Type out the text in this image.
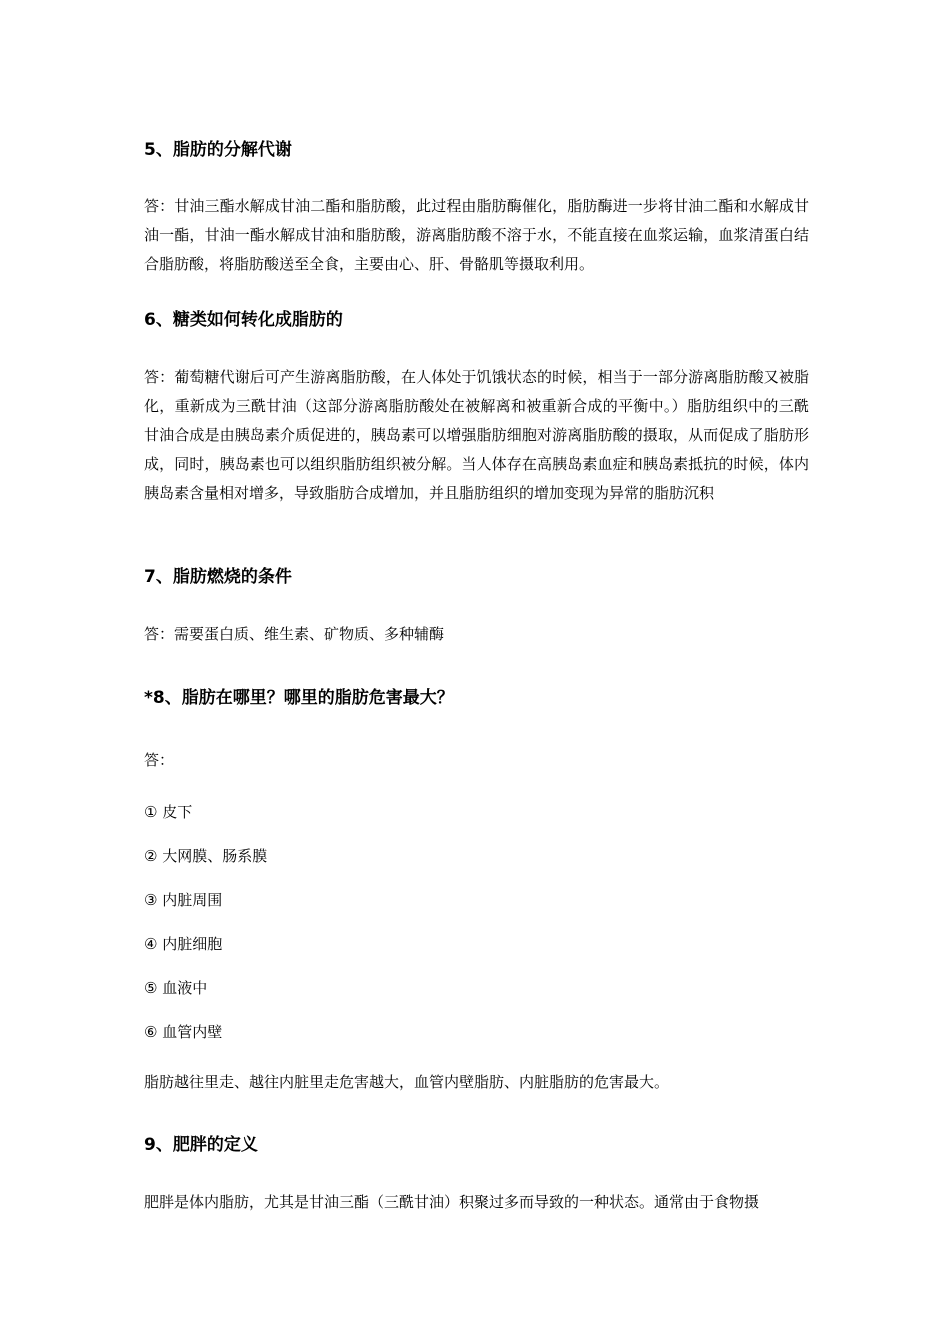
5、脂肪的分解代谢

答：甘油三酯水解成甘油二酯和脂肪酸，此过程由脂肪酶催化，脂肪酶进一步将甘油二酯和水解成甘油一酯，甘油一酯水解成甘油和脂肪酸，游离脂肪酸不溶于水，不能直接在血浆运输，血浆清蛋白结合脂肪酸，将脂肪酸送至全食，主要由心、肝、骨骼肌等摄取利用。

6、糖类如何转化成脂肪的

答：葡萄糖代谢后可产生游离脂肪酸，在人体处于饥饿状态的时候，相当于一部分游离脂肪酸又被脂化，重新成为三酰甘油（这部分游离脂肪酸处在被解离和被重新合成的平衡中。）脂肪组织中的三酰甘油合成是由胰岛素介质促进的，胰岛素可以增强脂肪细胞对游离脂肪酸的摄取，从而促成了脂肪形成，同时，胰岛素也可以组织脂肪组织被分解。当人体存在高胰岛素血症和胰岛素抵抗的时候，体内胰岛素含量相对增多，导致脂肪合成增加，并且脂肪组织的增加变现为异常的脂肪沉积

7、脂肪燃烧的条件

答：需要蛋白质、维生素、矿物质、多种辅酶

*8、脂肪在哪里？哪里的脂肪危害最大？

答：

① 皮下

② 大网膜、肠系膜

③ 内脏周围

④ 内脏细胞

⑤ 血液中

⑥ 血管内壁

脂肪越往里走、越往内脏里走危害越大，血管内壁脂肪、内脏脂肪的危害最大。

9、肥胖的定义

肥胖是体内脂肪，尤其是甘油三酯（三酰甘油）积聚过多而导致的一种状态。通常由于食物摄
